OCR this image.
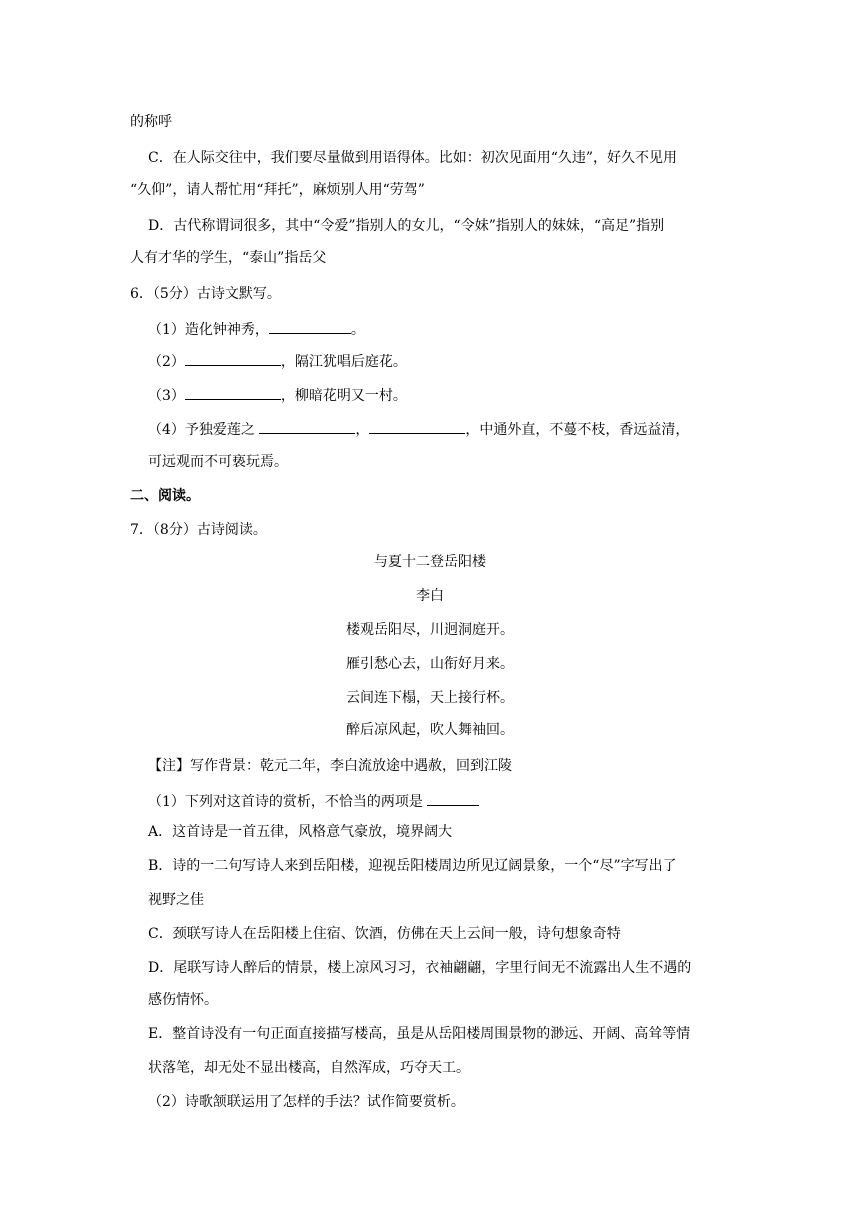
的称呼
C．在人际交往中，我们要尽量做到用语得体。比如：初次见面用“久违”，好久不见用
“久仰”，请人帮忙用“拜托”，麻烦别人用“劳驾”
D．古代称谓词很多，其中“令爱”指别人的女儿，“令妹”指别人的妹妹，“高足”指别
人有才华的学生，“泰山”指岳父
6．（5分）古诗文默写。
（1）造化钟神秀，	。
（2）	，隔江犹唱后庭花。
（3）	，柳暗花明又一村。
（4）予独爱莲之	，	，中通外直，不蔓不枝，香远益清，
可远观而不可亵玩焉。
二、阅读。
7．（8分）古诗阅读。
与夏十二登岳阳楼
李白
楼观岳阳尽，川迥洞庭开。
雁引愁心去，山衔好月来。
云间连下榻，天上接行杯。
醉后凉风起，吹人舞袖回。
【注】写作背景：乾元二年，李白流放途中遇赦，回到江陵
（1）下列对这首诗的赏析，不恰当的两项是
A．这首诗是一首五律，风格意气豪放，境界阔大
B．诗的一二句写诗人来到岳阳楼，迎视岳阳楼周边所见辽阔景象，一个“尽”字写出了
视野之佳
C．颈联写诗人在岳阳楼上住宿、饮酒，仿佛在天上云间一般，诗句想象奇特
D．尾联写诗人醉后的情景，楼上凉风习习，衣袖翩翩，字里行间无不流露出人生不遇的
感伤情怀。
E．整首诗没有一句正面直接描写楼高，虽是从岳阳楼周围景物的渺远、开阔、高耸等情
状落笔，却无处不显出楼高，自然浑成，巧夺天工。
（2）诗歌颔联运用了怎样的手法？试作简要赏析。
